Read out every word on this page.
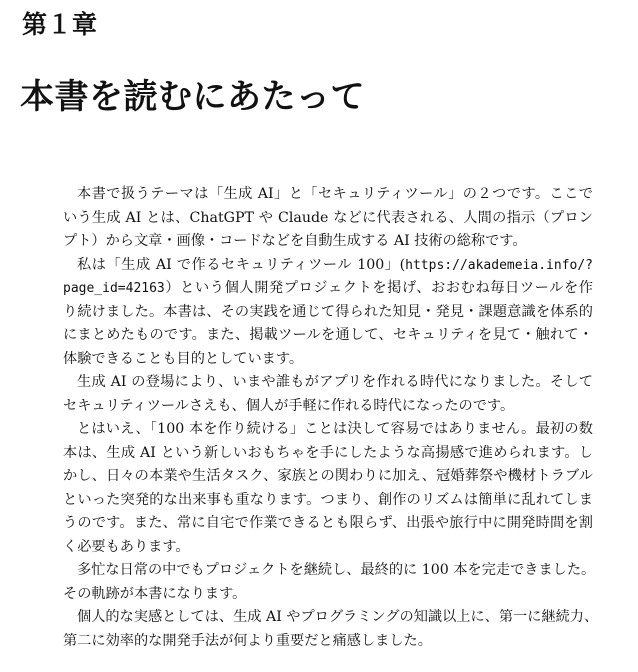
第１章
本書を読むにあたって
本書で扱うテーマは「生成 AI」と「セキュリティツール」の２つです。ここで
いう生成 AI とは、ChatGPT や Claude などに代表される、人間の指示（プロン
プト）から文章・画像・コードなどを自動生成する AI 技術の総称です。
私は「生成 AI で作るセキュリティツール 100」(https://akademeia.info/?
page_id=42163）という個人開発プロジェクトを掲げ、おおむね毎日ツールを作
り続けました。本書は、その実践を通じて得られた知見・発見・課題意識を体系的
にまとめたものです。また、掲載ツールを通して、セキュリティを見て・触れて・
体験できることも目的としています。
生成 AI の登場により、いまや誰もがアプリを作れる時代になりました。そして
セキュリティツールさえも、個人が手軽に作れる時代になったのです。
とはいえ、「100 本を作り続ける」ことは決して容易ではありません。最初の数
本は、生成 AI という新しいおもちゃを手にしたような高揚感で進められます。し
かし、日々の本業や生活タスク、家族との関わりに加え、冠婚葬祭や機材トラブル
といった突発的な出来事も重なります。つまり、創作のリズムは簡単に乱れてしま
うのです。また、常に自宅で作業できるとも限らず、出張や旅行中に開発時間を割
く必要もあります。
多忙な日常の中でもプロジェクトを継続し、最終的に 100 本を完走できました。
その軌跡が本書になります。
個人的な実感としては、生成 AI やプログラミングの知識以上に、第一に継続力、
第二に効率的な開発手法が何より重要だと痛感しました。
